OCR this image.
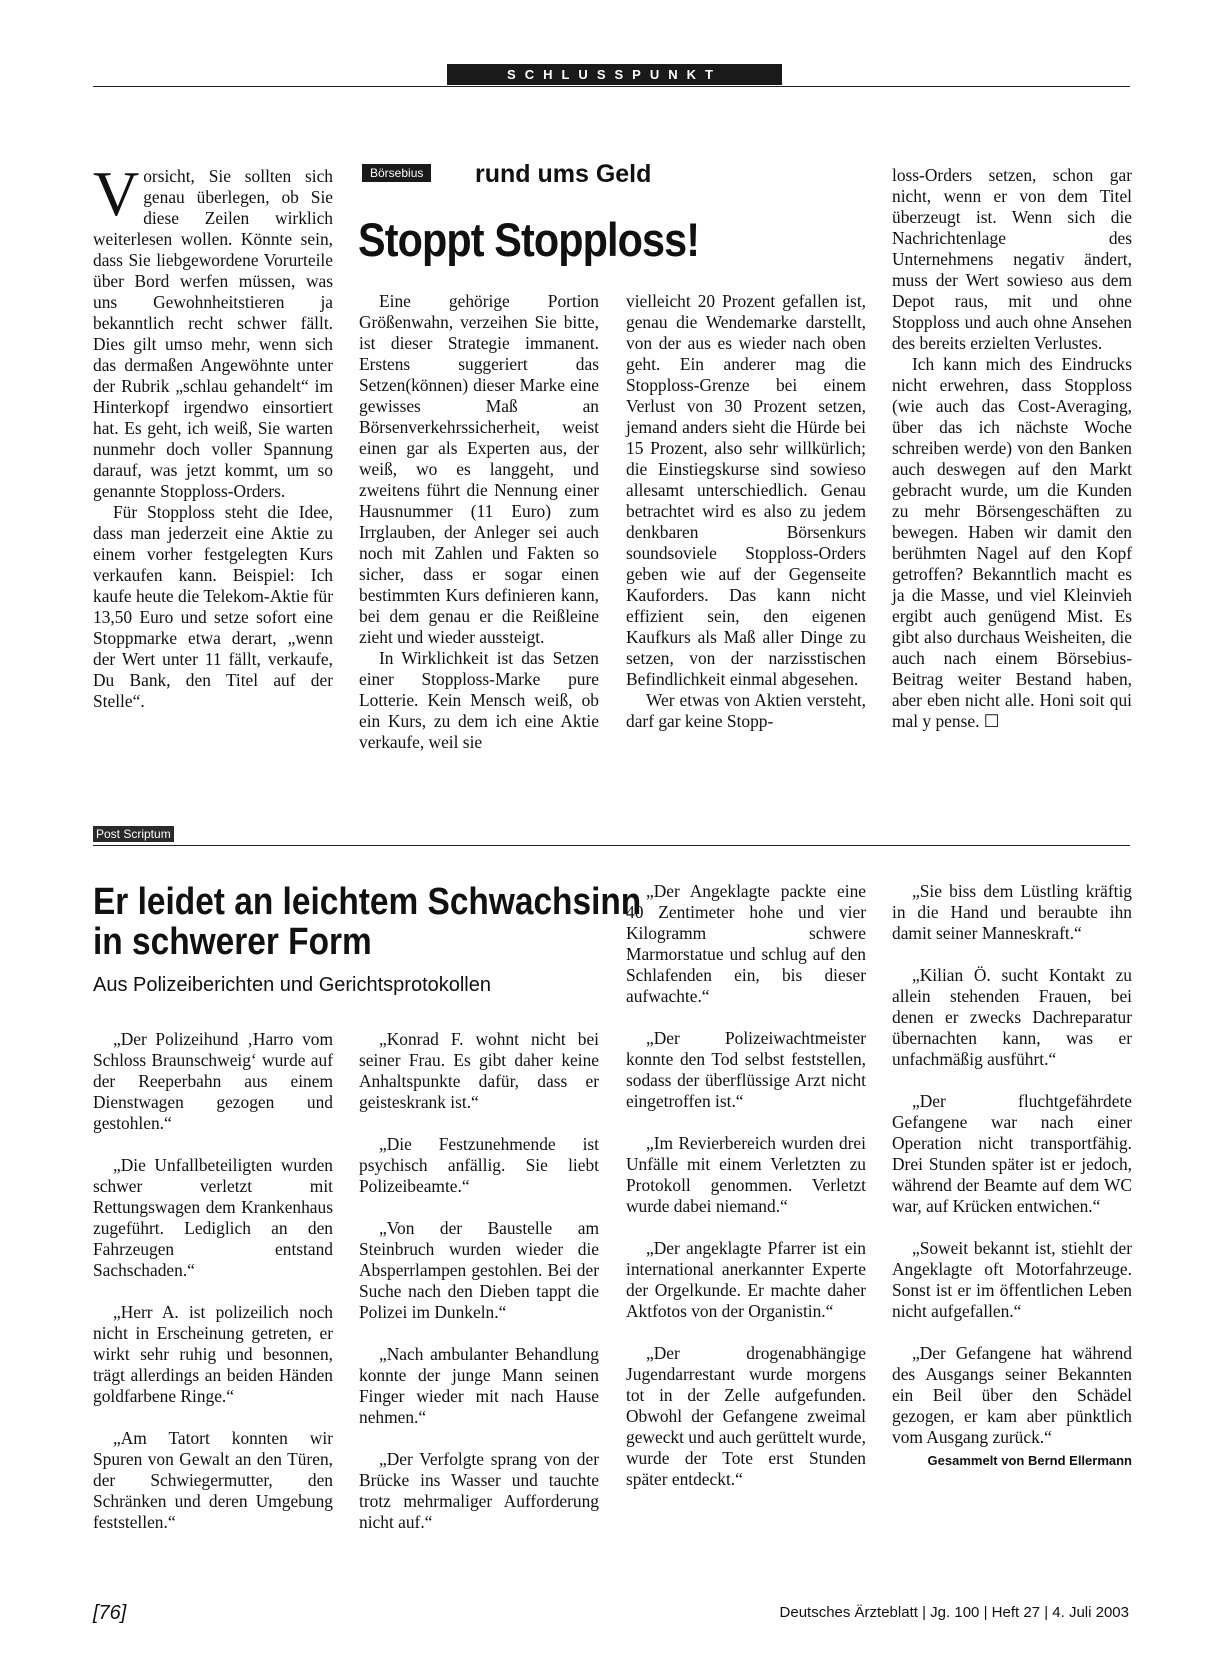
SCHLUSSPUNKT

Vorsicht, Sie sollten sich genau überlegen, ob Sie diese Zeilen wirklich weiterlesen wollen. Könnte sein, dass Sie liebgewordene Vorurteile über Bord werfen müssen, was uns Gewohnheitstieren ja bekanntlich recht schwer fällt. Dies gilt umso mehr, wenn sich das dermaßen Angewöhnte unter der Rubrik „schlau gehandelt“ im Hinterkopf irgendwo einsortiert hat. Es geht, ich weiß, Sie warten nunmehr doch voller Spannung darauf, was jetzt kommt, um so genannte Stopploss-Orders.

Für Stopploss steht die Idee, dass man jederzeit eine Aktie zu einem vorher festgelegten Kurs verkaufen kann. Beispiel: Ich kaufe heute die Telekom-Aktie für 13,50 Euro und setze sofort eine Stoppmarke etwa derart, „wenn der Wert unter 11 fällt, verkaufe, Du Bank, den Titel auf der Stelle“.

Börsebius	rund ums Geld
Stoppt Stopploss!

Eine gehörige Portion Größenwahn, verzeihen Sie bitte, ist dieser Strategie immanent. Erstens suggeriert das Setzen(können) dieser Marke eine gewisses Maß an Börsenverkehrssicherheit, weist einen gar als Experten aus, der weiß, wo es langgeht, und zweitens führt die Nennung einer Hausnummer (11 Euro) zum Irrglauben, der Anleger sei auch noch mit Zahlen und Fakten so sicher, dass er sogar einen bestimmten Kurs definieren kann, bei dem genau er die Reißleine zieht und wieder aussteigt.

In Wirklichkeit ist das Setzen einer Stopploss-Marke pure Lotterie. Kein Mensch weiß, ob ein Kurs, zu dem ich eine Aktie verkaufe, weil sie

vielleicht 20 Prozent gefallen ist, genau die Wendemarke darstellt, von der aus es wieder nach oben geht. Ein anderer mag die Stopploss-Grenze bei einem Verlust von 30 Prozent setzen, jemand anders sieht die Hürde bei 15 Prozent, also sehr willkürlich; die Einstiegskurse sind sowieso allesamt unterschiedlich. Genau betrachtet wird es also zu jedem denkbaren Börsenkurs soundsoviele Stopploss-Orders geben wie auf der Gegenseite Kauforders. Das kann nicht effizient sein, den eigenen Kaufkurs als Maß aller Dinge zu setzen, von der narzisstischen Befindlichkeit einmal abgesehen.

Wer etwas von Aktien versteht, darf gar keine Stopp-

loss-Orders setzen, schon gar nicht, wenn er von dem Titel überzeugt ist. Wenn sich die Nachrichtenlage des Unternehmens negativ ändert, muss der Wert sowieso aus dem Depot raus, mit und ohne Stopploss und auch ohne Ansehen des bereits erzielten Verlustes.

Ich kann mich des Eindrucks nicht erwehren, dass Stopploss (wie auch das Cost-Averaging, über das ich nächste Woche schreiben werde) von den Banken auch deswegen auf den Markt gebracht wurde, um die Kunden zu mehr Börsengeschäften zu bewegen. Haben wir damit den berühmten Nagel auf den Kopf getroffen? Bekanntlich macht es ja die Masse, und viel Kleinvieh ergibt auch genügend Mist. Es gibt also durchaus Weisheiten, die auch nach einem Börsebius-Beitrag weiter Bestand haben, aber eben nicht alle. Honi soit qui mal y pense. ☐

Post Scriptum
Er leidet an leichtem Schwachsinn
in schwerer Form
Aus Polizeiberichten und Gerichtsprotokollen

„Der Polizeihund ‚Harro vom Schloss Braunschweig‘ wurde auf der Reeperbahn aus einem Dienstwagen gezogen und gestohlen.“

„Die Unfallbeteiligten wurden schwer verletzt mit Rettungswagen dem Krankenhaus zugeführt. Lediglich an den Fahrzeugen entstand Sachschaden.“

„Herr A. ist polizeilich noch nicht in Erscheinung getreten, er wirkt sehr ruhig und besonnen, trägt allerdings an beiden Händen goldfarbene Ringe.“

„Am Tatort konnten wir Spuren von Gewalt an den Türen, der Schwiegermutter, den Schränken und deren Umgebung feststellen.“

„Konrad F. wohnt nicht bei seiner Frau. Es gibt daher keine Anhaltspunkte dafür, dass er geisteskrank ist.“

„Die Festzunehmende ist psychisch anfällig. Sie liebt Polizeibeamte.“

„Von der Baustelle am Steinbruch wurden wieder die Absperrlampen gestohlen. Bei der Suche nach den Dieben tappt die Polizei im Dunkeln.“

„Nach ambulanter Behandlung konnte der junge Mann seinen Finger wieder mit nach Hause nehmen.“

„Der Verfolgte sprang von der Brücke ins Wasser und tauchte trotz mehrmaliger Aufforderung nicht auf.“

„Der Angeklagte packte eine 40 Zentimeter hohe und vier Kilogramm schwere Marmorstatue und schlug auf den Schlafenden ein, bis dieser aufwachte.“

„Der Polizeiwachtmeister konnte den Tod selbst feststellen, sodass der überflüssige Arzt nicht eingetroffen ist.“

„Im Revierbereich wurden drei Unfälle mit einem Verletzten zu Protokoll genommen. Verletzt wurde dabei niemand.“

„Der angeklagte Pfarrer ist ein international anerkannter Experte der Orgelkunde. Er machte daher Aktfotos von der Organistin.“

„Der drogenabhängige Jugendarrestant wurde morgens tot in der Zelle aufgefunden. Obwohl der Gefangene zweimal geweckt und auch gerüttelt wurde, wurde der Tote erst Stunden später entdeckt.“

„Sie biss dem Lüstling kräftig in die Hand und beraubte ihn damit seiner Manneskraft.“

„Kilian Ö. sucht Kontakt zu allein stehenden Frauen, bei denen er zwecks Dachreparatur übernachten kann, was er unfachmäßig ausführt.“

„Der fluchtgefährdete Gefangene war nach einer Operation nicht transportfähig. Drei Stunden später ist er jedoch, während der Beamte auf dem WC war, auf Krücken entwichen.“

„Soweit bekannt ist, stiehlt der Angeklagte oft Motorfahrzeuge. Sonst ist er im öffentlichen Leben nicht aufgefallen.“

„Der Gefangene hat während des Ausgangs seiner Bekannten ein Beil über den Schädel gezogen, er kam aber pünktlich vom Ausgang zurück.“

Gesammelt von Bernd Ellermann
[76]	Deutsches Ärzteblatt | Jg. 100 | Heft 27 | 4. Juli 2003
